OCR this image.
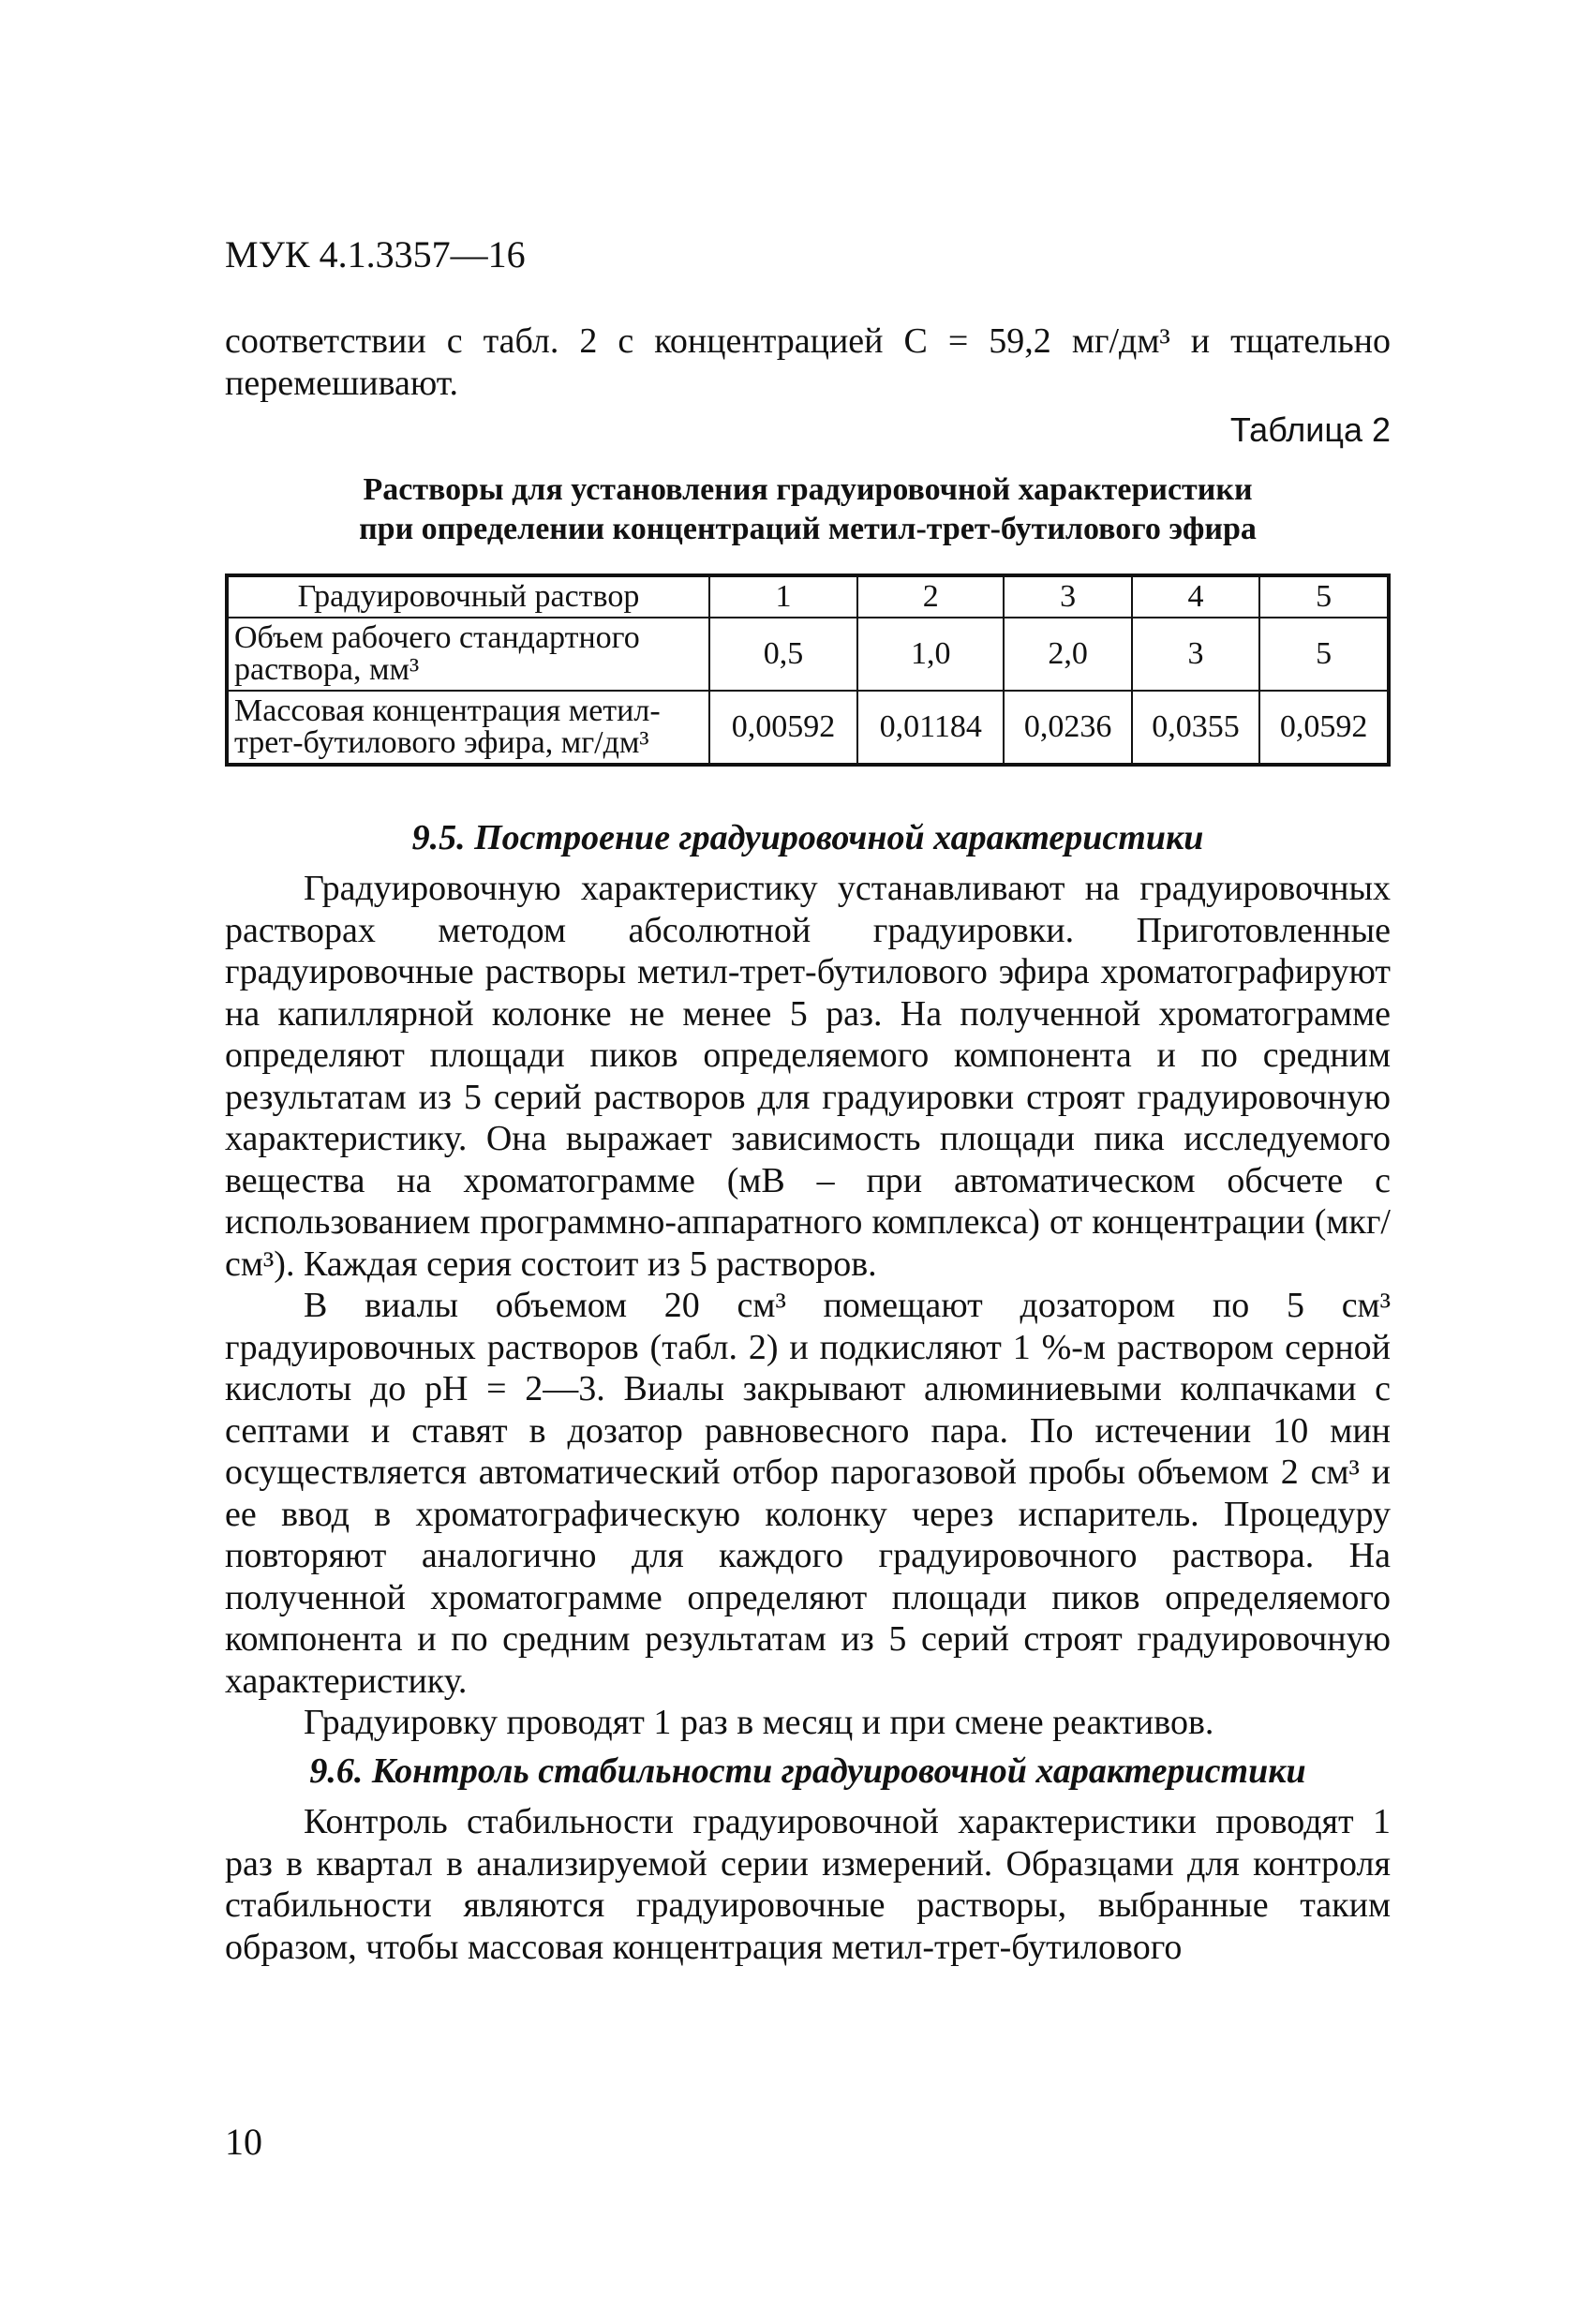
МУК 4.1.3357—16

соответствии с табл. 2 с концентрацией C = 59,2 мг/дм³ и тщательно перемешивают.

Таблица 2
Растворы для установления градуировочной характеристики
при определении концентраций метил-трет-бутилового эфира
Градуировочный раствор	1	2	3	4	5
Объем рабочего стандартного раствора, мм³	0,5	1,0	2,0	3	5
Массовая концентрация метил-трет-бутилового эфира, мг/дм³	0,00592	0,01184	0,0236	0,0355	0,0592
9.5. Построение градуировочной характеристики

Градуировочную характеристику устанавливают на градуировочных растворах методом абсолютной градуировки. Приготовленные градуировочные растворы метил-трет-бутилового эфира хроматографируют на капиллярной колонке не менее 5 раз. На полученной хроматограмме определяют площади пиков определяемого компонента и по средним результатам из 5 серий растворов для градуировки строят градуировочную характеристику. Она выражает зависимость площади пика исследуемого вещества на хроматограмме (мВ – при автоматическом обсчете с использованием программно-аппаратного комплекса) от концентрации (мкг/см³). Каждая серия состоит из 5 растворов.

В виалы объемом 20 см³ помещают дозатором по 5 см³ градуировочных растворов (табл. 2) и подкисляют 1 %-м раствором серной кислоты до pH = 2—3. Виалы закрывают алюминиевыми колпачками с септами и ставят в дозатор равновесного пара. По истечении 10 мин осуществляется автоматический отбор парогазовой пробы объемом 2 см³ и ее ввод в хроматографическую колонку через испаритель. Процедуру повторяют аналогично для каждого градуировочного раствора. На полученной хроматограмме определяют площади пиков определяемого компонента и по средним результатам из 5 серий строят градуировочную характеристику.

Градуировку проводят 1 раз в месяц и при смене реактивов.

9.6. Контроль стабильности градуировочной характеристики

Контроль стабильности градуировочной характеристики проводят 1 раз в квартал в анализируемой серии измерений. Образцами для контроля стабильности являются градуировочные растворы, выбранные таким образом, чтобы массовая концентрация метил-трет-бутилового

10
